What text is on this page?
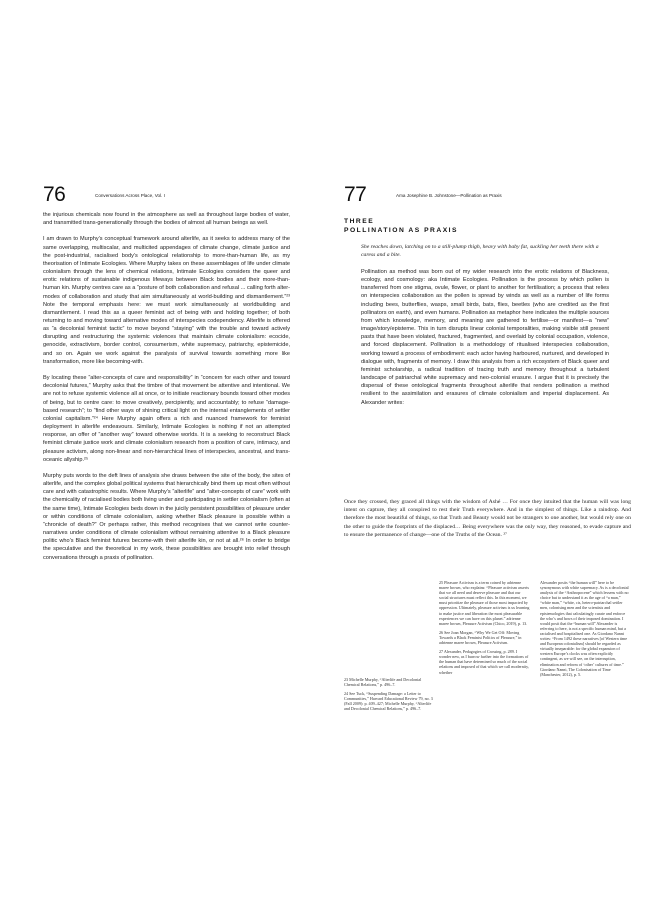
76	Conversations Across Place, Vol. I

the injurious chemicals now found in the atmosphere as well as throughout large bodies of water, and transmitted trans-generationally through the bodies of almost all human beings as well.

I am drawn to Murphy’s conceptual framework around alterlife, as it seeks to address many of the same overlapping, multiscalar, and multicited appendages of climate change, climate justice and the post-industrial, racialised body’s ontological relationship to more-than-human life, as my theorisation of Intimate Ecologies. Where Murphy takes on these assemblages of life under climate colonialism through the lens of chemical relations, Intimate Ecologies considers the queer and erotic relations of sustainable indigenous lifeways between Black bodies and their more-than-human kin. Murphy centres care as a “posture of both collaboration and refusal ... calling forth alter-modes of collaboration and study that aim simultaneously at world-building and dismantlement.”²³ Note the temporal emphasis here: we must work simultaneously at worldbuilding and dismantlement. I read this as a queer feminist act of being with and holding together; of both returning to and moving toward alternative modes of interspecies codependency. Alterlife is offered as “a decolonial feminist tactic” to move beyond “staying” with the trouble and toward actively disrupting and restructuring the systemic violences that maintain climate colonialism: ecocide, genocide, extractivism, border control, consumerism, white supremacy, patriarchy, epistemicide, and so on. Again we work against the paralysis of survival towards something more like transformation, more like becoming-with.

By locating these “alter-concepts of care and responsibility” in “concern for each other and toward decolonial futures,” Murphy asks that the timbre of that movement be attentive and intentional. We are not to refuse systemic violence all at once, or to initiate reactionary bounds toward other modes of being, but to centre care: to move creatively, percipiently, and accountably; to refuse “damage-based research”; to “find other ways of shining critical light on the internal entanglements of settler colonial capitalism.”²⁴ Here Murphy again offers a rich and nuanced framework for feminist deployment in alterlife endeavours. Similarly, Intimate Ecologies is nothing if not an attempted response, an offer of “another way” toward otherwise worlds. It is a seeking to reconstruct Black feminist climate justice work and climate colonialism research from a position of care, intimacy, and pleasure activism, along non-linear and non-hierarchical lines of interspecies, ancestral, and trans-oceanic allyship.²⁵

Murphy puts words to the deft lines of analysis she draws between the site of the body, the sites of alterlife, and the complex global political systems that hierarchically bind them up most often without care and with catastrophic results. Where Murphy’s “alterlife” and “alter-concepts of care” work with the chemicality of racialised bodies both living under and participating in settler colonialism (often at the same time), Intimate Ecologies beds down in the juicily persistent possibilities of pleasure under or within conditions of climate colonialism, asking whether Black pleasure is possible within a “chronicle of death?” Or perhaps rather, this method recognises that we cannot write counter-narratives under conditions of climate colonialism without remaining attentive to a Black pleasure politic who’s Black feminist futures become-with their alterlife kin, or not at all.²⁶ In order to bridge the speculative and the theoretical in my work, these possibilities are brought into relief through conversations through a praxis of pollination.

77	Ama Josephine B. Johnstone—Pollination as Praxis
THREE
POLLINATION AS PRAXIS
She reaches down, latching on to a still-plump thigh, heavy with baby fat, suckling her teeth there with a caress and a bite.

Pollination as method was born out of my wider research into the erotic relations of Blackness, ecology, and cosmology: aka Intimate Ecologies. Pollination is the process by which pollen is transferred from one stigma, ovule, flower, or plant to another for fertilisation; a process that relies on interspecies collaboration as the pollen is spread by winds as well as a number of life forms including bees, butterflies, wasps, small birds, bats, flies, beetles (who are credited as the first pollinators on earth), and even humans. Pollination as metaphor here indicates the multiple sources from which knowledge, memory, and meaning are gathered to fertilise—or manifest—a “new” image/story/episteme. This in turn disrupts linear colonial temporalities, making visible still present pasts that have been violated, fractured, fragmented, and overlaid by colonial occupation, violence, and forced displacement. Pollination is a methodology of ritualised interspecies collaboration, working toward a process of embodiment: each actor having harboured, nurtured, and developed in dialogue with, fragments of memory. I draw this analysis from a rich ecosystem of Black queer and feminist scholarship, a radical tradition of tracing truth and memory throughout a turbulent landscape of patriarchal white supremacy and neo-colonial erasure. I argue that it is precisely the dispersal of these ontological fragments throughout alterlife that renders pollination a method resilient to the assimilation and erasures of climate colonialism and imperial displacement. As Alexander writes:

Once they crossed, they graced all things with the wisdom of Ashé … For once they intuited that the human will was long intent on capture, they all conspired to rest their Truth everywhere. And in the simplest of things. Like a raindrop. And therefore the most beautiful of things, so that Truth and Beauty would not be strangers to one another, but would rely one on the other to guide the footprints of the displaced… Being everywhere was the only way, they reasoned, to evade capture and to ensure the permanence of change—one of the Truths of the Ocean. ²⁷

23 Michelle Murphy, “Alterlife and Decolonial Chemical Relations,” p. 496–7.

24 See Tuck, “Suspending Damage: a Letter to Communities,” Harvard Educational Review 79, no. 3 (Fall 2009): p. 409–427; Michelle Murphy, “Alterlife and Decolonial Chemical Relations,” p. 496–7.

25 Pleasure Activism is a term coined by adrienne maree brown, who explains: “Pleasure activism asserts that we all need and deserve pleasure and that our social structures must reflect this. In this moment, we must prioritize the pleasure of those most impacted by oppression. Ultimately, pleasure activism is us learning to make justice and liberation the most pleasurable experiences we can have on this planet.” adrienne maree brown, Pleasure Activism (Chico, 2019), p. 13.

26 See Joan Morgan, “Why We Get Off: Moving Towards a Black Feminist Politics of Pleasure,” in adrienne maree brown, Pleasure Activism.

27 Alexander, Pedagogies of Crossing, p. 289. I wonder new, as I burrow further into the formations of the human that have determined so much of the social relations and imposed of that which we call modernity, whether

Alexander posits “the human will” here to be synonymous with white supremacy. As is a decolonial analysis of the “Anthropocene” which lessens with no choice but to understand it as the age of “a man,” “white man,” “white, cis, hetero-patriarchal settler men, colonising men and the scientists and epistemologies that calculatingly curate and enforce the who’s and hows of their imposed domination. I would posit that the “human will” Alexander is referring to here, is not a specific human mind, but a racialised and hospitalised one. As Giordano Nanni writes: “From 1492 these narratives [of Western time and European colonialism] should be regarded as virtually inseparable: for the global expansion of western Europe’s clocks was often explicitly contingent, as we will see, on the interruption, elimination and reform of ‘other’ cultures of time.” Giordano Nanni, The Colonisation of Time (Manchester, 2012), p. 5.
